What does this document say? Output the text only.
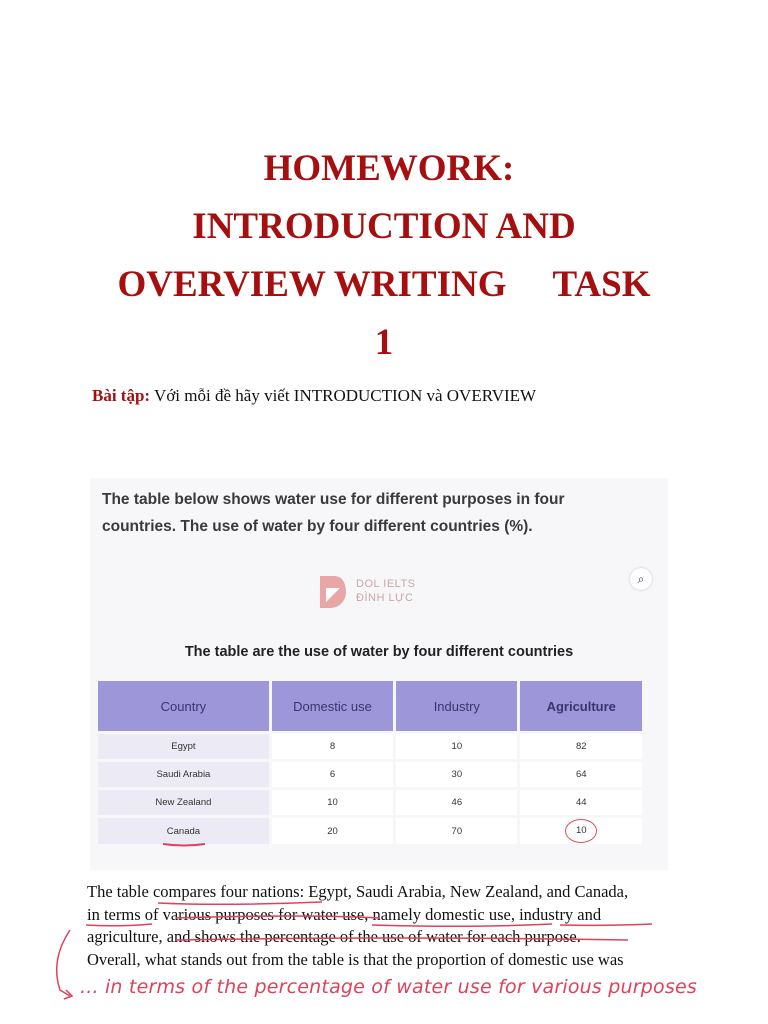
HOMEWORK:
INTRODUCTION AND
OVERVIEW WRITING TASK
1
Bài tập: Với mỗi đề hãy viết INTRODUCTION và OVERVIEW
The table below shows water use for different purposes in four
countries. The use of water by four different countries (%).
⌕
DOL IELTS
ĐÌNH LỰC
The table are the use of water by four different countries
Country	Domestic use	Industry	Agriculture
Egypt	8	10	82
Saudi Arabia	6	30	64
New Zealand	10	46	44
Canada	20	70	10
The table compares four nations: Egypt, Saudi Arabia, New Zealand, and Canada,
in terms of various purposes for water use, namely domestic use, industry and
agriculture, and shows the percentage of the use of water for each purpose.
Overall, what stands out from the table is that the proportion of domestic use was
... in terms of the percentage of water use for various purposes
